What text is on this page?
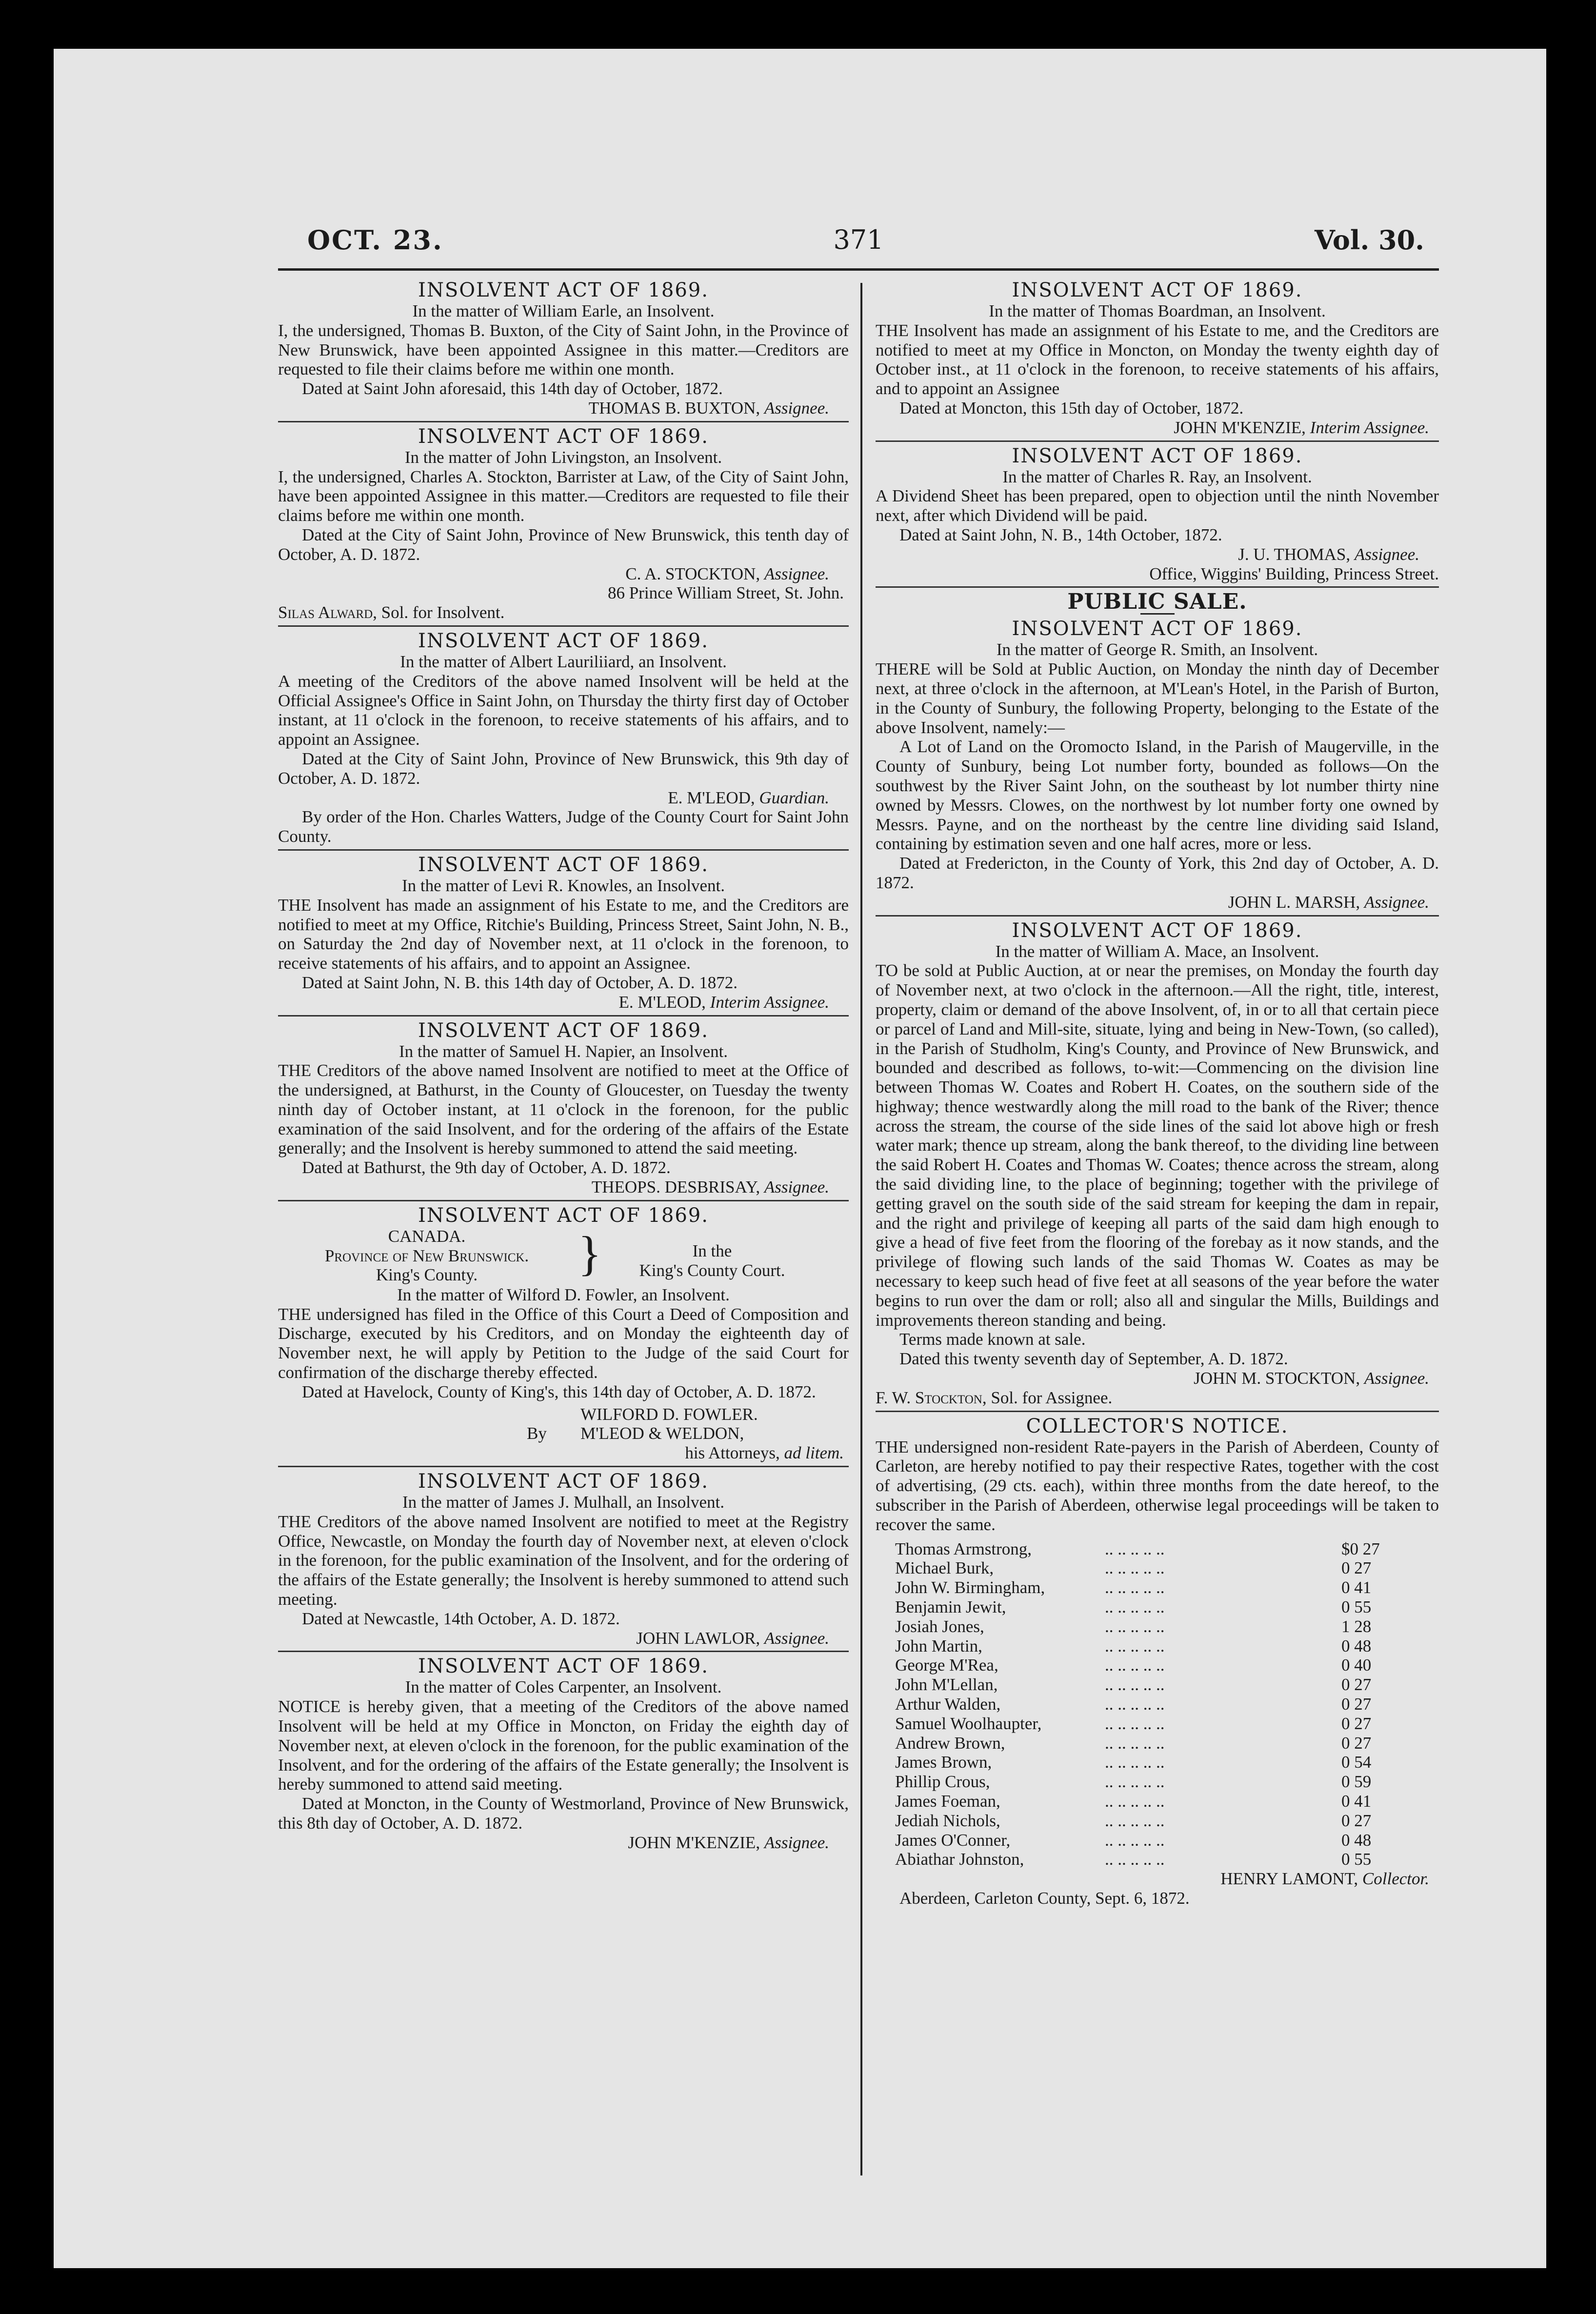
OCT. 23.	371	Vol. 30.
INSOLVENT ACT OF 1869.
In the matter of William Earle, an Insolvent.
I, the undersigned, Thomas B. Buxton, of the City of Saint John, in the Province of New Brunswick, have been appointed Assignee in this matter.—Creditors are requested to file their claims before me within one month.
Dated at Saint John aforesaid, this 14th day of October, 1872.
THOMAS B. BUXTON, Assignee.
INSOLVENT ACT OF 1869.
In the matter of John Livingston, an Insolvent.
I, the undersigned, Charles A. Stockton, Barrister at Law, of the City of Saint John, have been appointed Assignee in this matter.—Creditors are requested to file their claims before me within one month.
Dated at the City of Saint John, Province of New Brunswick, this tenth day of October, A. D. 1872.
C. A. STOCKTON, Assignee.
86 Prince William Street, St. John.
Silas Alward, Sol. for Insolvent.
INSOLVENT ACT OF 1869.
In the matter of Albert Lauriliiard, an Insolvent.
A meeting of the Creditors of the above named Insolvent will be held at the Official Assignee's Office in Saint John, on Thursday the thirty first day of October instant, at 11 o'clock in the forenoon, to receive statements of his affairs, and to appoint an Assignee.
Dated at the City of Saint John, Province of New Brunswick, this 9th day of October, A. D. 1872.
E. M'LEOD, Guardian.
By order of the Hon. Charles Watters, Judge of the County Court for Saint John County.
INSOLVENT ACT OF 1869.
In the matter of Levi R. Knowles, an Insolvent.
THE Insolvent has made an assignment of his Estate to me, and the Creditors are notified to meet at my Office, Ritchie's Building, Princess Street, Saint John, N. B., on Saturday the 2nd day of November next, at 11 o'clock in the forenoon, to receive statements of his affairs, and to appoint an Assignee.
Dated at Saint John, N. B. this 14th day of October, A. D. 1872.
E. M'LEOD, Interim Assignee.
INSOLVENT ACT OF 1869.
In the matter of Samuel H. Napier, an Insolvent.
THE Creditors of the above named Insolvent are notified to meet at the Office of the undersigned, at Bathurst, in the County of Gloucester, on Tuesday the twenty ninth day of October instant, at 11 o'clock in the forenoon, for the public examination of the said Insolvent, and for the ordering of the affairs of the Estate generally; and the Insolvent is hereby summoned to attend the said meeting.
Dated at Bathurst, the 9th day of October, A. D. 1872.
THEOPS. DESBRISAY, Assignee.
INSOLVENT ACT OF 1869.
CANADA.
Province of New Brunswick.
King's County.	}	In the
King's County Court.
In the matter of Wilford D. Fowler, an Insolvent.
THE undersigned has filed in the Office of this Court a Deed of Composition and Discharge, executed by his Creditors, and on Monday the eighteenth day of November next, he will apply by Petition to the Judge of the said Court for confirmation of the discharge thereby effected.
Dated at Havelock, County of King's, this 14th day of October, A. D. 1872.
WILFORD D. FOWLER.
By M'LEOD & WELDON,
his Attorneys, ad litem.
INSOLVENT ACT OF 1869.
In the matter of James J. Mulhall, an Insolvent.
THE Creditors of the above named Insolvent are notified to meet at the Registry Office, Newcastle, on Monday the fourth day of November next, at eleven o'clock in the forenoon, for the public examination of the Insolvent, and for the ordering of the affairs of the Estate generally; the Insolvent is hereby summoned to attend such meeting.
Dated at Newcastle, 14th October, A. D. 1872.
JOHN LAWLOR, Assignee.
INSOLVENT ACT OF 1869.
In the matter of Coles Carpenter, an Insolvent.
NOTICE is hereby given, that a meeting of the Creditors of the above named Insolvent will be held at my Office in Moncton, on Friday the eighth day of November next, at eleven o'clock in the forenoon, for the public examination of the Insolvent, and for the ordering of the affairs of the Estate generally; the Insolvent is hereby summoned to attend said meeting.
Dated at Moncton, in the County of Westmorland, Province of New Brunswick, this 8th day of October, A. D. 1872.
JOHN M'KENZIE, Assignee.
INSOLVENT ACT OF 1869.
In the matter of Thomas Boardman, an Insolvent.
THE Insolvent has made an assignment of his Estate to me, and the Creditors are notified to meet at my Office in Moncton, on Monday the twenty eighth day of October inst., at 11 o'clock in the forenoon, to receive statements of his affairs, and to appoint an Assignee
Dated at Moncton, this 15th day of October, 1872.
JOHN M'KENZIE, Interim Assignee.
INSOLVENT ACT OF 1869.
In the matter of Charles R. Ray, an Insolvent.
A Dividend Sheet has been prepared, open to objection until the ninth November next, after which Dividend will be paid.
Dated at Saint John, N. B., 14th October, 1872.
J. U. THOMAS, Assignee.
Office, Wiggins' Building, Princess Street.
PUBLIC SALE.
INSOLVENT ACT OF 1869.
In the matter of George R. Smith, an Insolvent.
THERE will be Sold at Public Auction, on Monday the ninth day of December next, at three o'clock in the afternoon, at M'Lean's Hotel, in the Parish of Burton, in the County of Sunbury, the following Property, belonging to the Estate of the above Insolvent, namely:—
A Lot of Land on the Oromocto Island, in the Parish of Maugerville, in the County of Sunbury, being Lot number forty, bounded as follows—On the southwest by the River Saint John, on the southeast by lot number thirty nine owned by Messrs. Clowes, on the northwest by lot number forty one owned by Messrs. Payne, and on the northeast by the centre line dividing said Island, containing by estimation seven and one half acres, more or less.
Dated at Fredericton, in the County of York, this 2nd day of October, A. D. 1872.
JOHN L. MARSH, Assignee.
INSOLVENT ACT OF 1869.
In the matter of William A. Mace, an Insolvent.
TO be sold at Public Auction, at or near the premises, on Monday the fourth day of November next, at two o'clock in the afternoon.—All the right, title, interest, property, claim or demand of the above Insolvent, of, in or to all that certain piece or parcel of Land and Mill-site, situate, lying and being in New-Town, (so called), in the Parish of Studholm, King's County, and Province of New Brunswick, and bounded and described as follows, to-wit:—Commencing on the division line between Thomas W. Coates and Robert H. Coates, on the southern side of the highway; thence westwardly along the mill road to the bank of the River; thence across the stream, the course of the side lines of the said lot above high or fresh water mark; thence up stream, along the bank thereof, to the dividing line between the said Robert H. Coates and Thomas W. Coates; thence across the stream, along the said dividing line, to the place of beginning; together with the privilege of getting gravel on the south side of the said stream for keeping the dam in repair, and the right and privilege of keeping all parts of the said dam high enough to give a head of five feet from the flooring of the forebay as it now stands, and the privilege of flowing such lands of the said Thomas W. Coates as may be necessary to keep such head of five feet at all seasons of the year before the water begins to run over the dam or roll; also all and singular the Mills, Buildings and improvements thereon standing and being.
Terms made known at sale.
Dated this twenty seventh day of September, A. D. 1872.
JOHN M. STOCKTON, Assignee.
F. W. Stockton, Sol. for Assignee.
COLLECTOR'S NOTICE.
THE undersigned non-resident Rate-payers in the Parish of Aberdeen, County of Carleton, are hereby notified to pay their respective Rates, together with the cost of advertising, (29 cts. each), within three months from the date hereof, to the subscriber in the Parish of Aberdeen, otherwise legal proceedings will be taken to recover the same.
Thomas Armstrong,	.. .. .. .. ..	$0 27
Michael Burk,	.. .. .. .. ..	0 27
John W. Birmingham,	.. .. .. .. ..	0 41
Benjamin Jewit,	.. .. .. .. ..	0 55
Josiah Jones,	.. .. .. .. ..	1 28
John Martin,	.. .. .. .. ..	0 48
George M'Rea,	.. .. .. .. ..	0 40
John M'Lellan,	.. .. .. .. ..	0 27
Arthur Walden,	.. .. .. .. ..	0 27
Samuel Woolhaupter,	.. .. .. .. ..	0 27
Andrew Brown,	.. .. .. .. ..	0 27
James Brown,	.. .. .. .. ..	0 54
Phillip Crous,	.. .. .. .. ..	0 59
James Foeman,	.. .. .. .. ..	0 41
Jediah Nichols,	.. .. .. .. ..	0 27
James O'Conner,	.. .. .. .. ..	0 48
Abiathar Johnston,	.. .. .. .. ..	0 55
HENRY LAMONT, Collector.
Aberdeen, Carleton County, Sept. 6, 1872.
